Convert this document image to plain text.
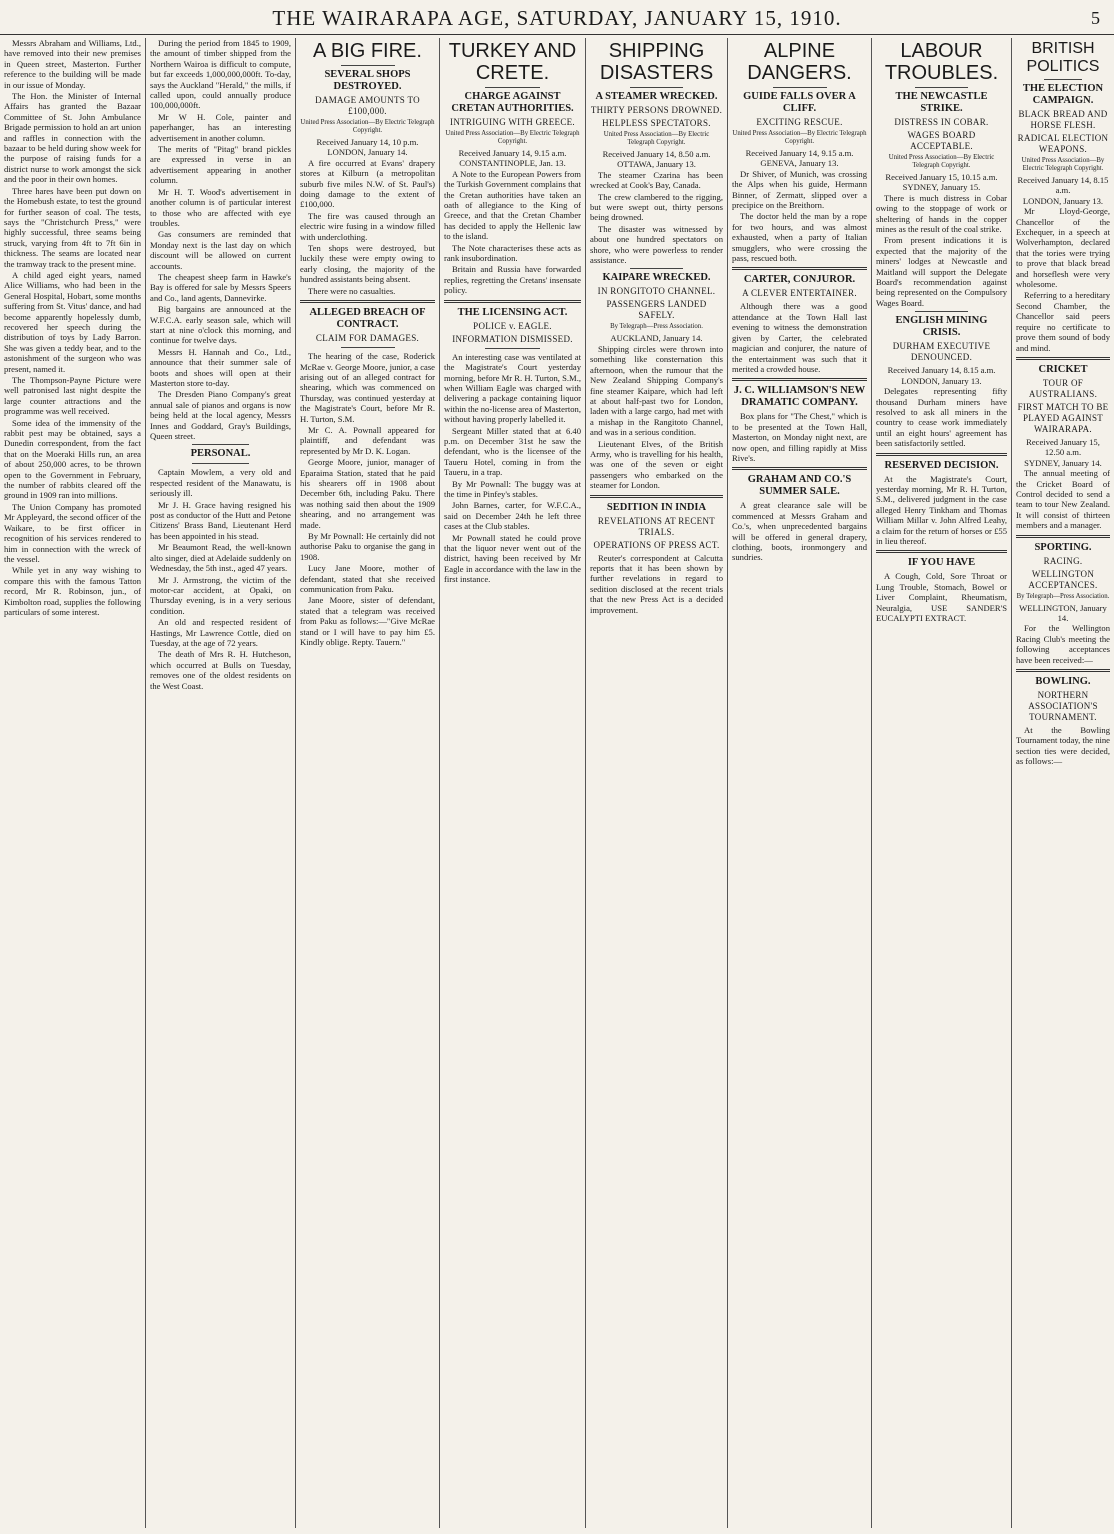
THE WAIRARAPA AGE, SATURDAY, JANUARY 15, 1910.	5

Messrs Abraham and Williams, Ltd., have removed into their new premises in Queen street, Masterton. Further reference to the building will be made in our issue of Monday.

The Hon. the Minister of Internal Affairs has granted the Bazaar Committee of St. John Ambulance Brigade permission to hold an art union and raffles in connection with the bazaar to be held during show week for the purpose of raising funds for a district nurse to work amongst the sick and the poor in their own homes.

Three hares have been put down on the Homebush estate, to test the ground for further season of coal. The tests, says the "Christchurch Press," were highly successful, three seams being struck, varying from 4ft to 7ft 6in in thickness. The seams are located near the tramway track to the present mine.

A child aged eight years, named Alice Williams, who had been in the General Hospital, Hobart, some months suffering from St. Vitus' dance, and had become apparently hopelessly dumb, recovered her speech during the distribution of toys by Lady Barron. She was given a teddy bear, and to the astonishment of the surgeon who was present, named it.

The Thompson-Payne Picture were well patronised last night despite the large counter attractions and the programme was well received.

Some idea of the immensity of the rabbit pest may be obtained, says a Dunedin correspondent, from the fact that on the Moeraki Hills run, an area of about 250,000 acres, to be thrown open to the Government in February, the number of rabbits cleared off the ground in 1909 ran into millions.

The Union Company has promoted Mr Appleyard, the second officer of the Waikare, to be first officer in recognition of his services rendered to him in connection with the wreck of the vessel.

While yet in any way wishing to compare this with the famous Tatton record, Mr R. Robinson, jun., of Kimbolton road, supplies the following particulars of some interest.

During the period from 1845 to 1909, the amount of timber shipped from the Northern Wairoa is difficult to compute, but far exceeds 1,000,000,000ft. To-day, says the Auckland "Herald," the mills, if called upon, could annually produce 100,000,000ft.

Mr W H. Cole, painter and paperhanger, has an interesting advertisement in another column.

The merits of "Pitag" brand pickles are expressed in verse in an advertisement appearing in another column.

Mr H. T. Wood's advertisement in another column is of particular interest to those who are affected with eye troubles.

Gas consumers are reminded that Monday next is the last day on which discount will be allowed on current accounts.

The cheapest sheep farm in Hawke's Bay is offered for sale by Messrs Speers and Co., land agents, Dannevirke.

Big bargains are announced at the W.F.C.A. early season sale, which will start at nine o'clock this morning, and continue for twelve days.

Messrs H. Hannah and Co., Ltd., announce that their summer sale of boots and shoes will open at their Masterton store to-day.

The Dresden Piano Company's great annual sale of pianos and organs is now being held at the local agency, Messrs Innes and Goddard, Gray's Buildings, Queen street.

PERSONAL.

Captain Mowlem, a very old and respected resident of the Manawatu, is seriously ill.

Mr J. H. Grace having resigned his post as conductor of the Hutt and Petone Citizens' Brass Band, Lieutenant Herd has been appointed in his stead.

Mr Beaumont Read, the well-known alto singer, died at Adelaide suddenly on Wednesday, the 5th inst., aged 47 years.

Mr J. Armstrong, the victim of the motor-car accident, at Opaki, on Thursday evening, is in a very serious condition.

An old and respected resident of Hastings, Mr Lawrence Cottle, died on Tuesday, at the age of 72 years.

The death of Mrs R. H. Hutcheson, which occurred at Bulls on Tuesday, removes one of the oldest residents on the West Coast.

A BIG FIRE.
SEVERAL SHOPS DESTROYED.
DAMAGE AMOUNTS TO £100,000.
United Press Association—By Electric Telegraph Copyright.
Received January 14, 10 p.m.
LONDON, January 14.

A fire occurred at Evans' drapery stores at Kilburn (a metropolitan suburb five miles N.W. of St. Paul's) doing damage to the extent of £100,000.

The fire was caused through an electric wire fusing in a window filled with underclothing.

Ten shops were destroyed, but luckily these were empty owing to early closing, the majority of the hundred assistants being absent.

There were no casualties.

ALLEGED BREACH OF CONTRACT.
CLAIM FOR DAMAGES.

The hearing of the case, Roderick McRae v. George Moore, junior, a case arising out of an alleged contract for shearing, which was commenced on Thursday, was continued yesterday at the Magistrate's Court, before Mr R. H. Turton, S.M.

Mr C. A. Pownall appeared for plaintiff, and defendant was represented by Mr D. K. Logan.

George Moore, junior, manager of Eparaima Station, stated that he paid his shearers off in 1908 about December 6th, including Paku. There was nothing said then about the 1909 shearing, and no arrangement was made.

By Mr Pownall: He certainly did not authorise Paku to organise the gang in 1908.

Lucy Jane Moore, mother of defendant, stated that she received communication from Paku.

Jane Moore, sister of defendant, stated that a telegram was received from Paku as follows:—"Give McRae stand or I will have to pay him £5. Kindly oblige. Repty. Tauern."

TURKEY AND CRETE.
CHARGE AGAINST CRETAN AUTHORITIES.
INTRIGUING WITH GREECE.
United Press Association—By Electric Telegraph Copyright.
Received January 14, 9.15 a.m.
CONSTANTINOPLE, Jan. 13.

A Note to the European Powers from the Turkish Government complains that the Cretan authorities have taken an oath of allegiance to the King of Greece, and that the Cretan Chamber has decided to apply the Hellenic law to the island.

The Note characterises these acts as rank insubordination.

Britain and Russia have forwarded replies, regretting the Cretans' insensate policy.

THE LICENSING ACT.
POLICE v. EAGLE.
INFORMATION DISMISSED.

An interesting case was ventilated at the Magistrate's Court yesterday morning, before Mr R. H. Turton, S.M., when William Eagle was charged with delivering a package containing liquor within the no-license area of Masterton, without having properly labelled it.

Sergeant Miller stated that at 6.40 p.m. on December 31st he saw the defendant, who is the licensee of the Taueru Hotel, coming in from the Taueru, in a trap.

By Mr Pownall: The buggy was at the time in Pinfey's stables.

John Barnes, carter, for W.F.C.A., said on December 24th he left three cases at the Club stables.

Mr Pownall stated he could prove that the liquor never went out of the district, having been received by Mr Eagle in accordance with the law in the first instance.

SHIPPING DISASTERS
A STEAMER WRECKED.
THIRTY PERSONS DROWNED.
HELPLESS SPECTATORS.
United Press Association—By Electric Telegraph Copyright.
Received January 14, 8.50 a.m.
OTTAWA, January 13.

The steamer Czarina has been wrecked at Cook's Bay, Canada.

The crew clambered to the rigging, but were swept out, thirty persons being drowned.

The disaster was witnessed by about one hundred spectators on shore, who were powerless to render assistance.

KAIPARE WRECKED.
IN RONGITOTO CHANNEL.
PASSENGERS LANDED SAFELY.
By Telegraph—Press Association.
AUCKLAND, January 14.

Shipping circles were thrown into something like consternation this afternoon, when the rumour that the New Zealand Shipping Company's fine steamer Kaipare, which had left at about half-past two for London, laden with a large cargo, had met with a mishap in the Rangitoto Channel, and was in a serious condition.

Lieutenant Elves, of the British Army, who is travelling for his health, was one of the seven or eight passengers who embarked on the steamer for London.

SEDITION IN INDIA
REVELATIONS AT RECENT TRIALS.
OPERATIONS OF PRESS ACT.

Reuter's correspondent at Calcutta reports that it has been shown by further revelations in regard to sedition disclosed at the recent trials that the new Press Act is a decided improvement.

ALPINE DANGERS.
GUIDE FALLS OVER A CLIFF.
EXCITING RESCUE.
United Press Association—By Electric Telegraph Copyright.
Received January 14, 9.15 a.m.
GENEVA, January 13.

Dr Shiver, of Munich, was crossing the Alps when his guide, Hermann Binner, of Zermatt, slipped over a precipice on the Breithorn.

The doctor held the man by a rope for two hours, and was almost exhausted, when a party of Italian smugglers, who were crossing the pass, rescued both.

CARTER, CONJUROR.
A CLEVER ENTERTAINER.

Although there was a good attendance at the Town Hall last evening to witness the demonstration given by Carter, the celebrated magician and conjurer, the nature of the entertainment was such that it merited a crowded house.

J. C. WILLIAMSON'S NEW DRAMATIC COMPANY.

Box plans for "The Chest," which is to be presented at the Town Hall, Masterton, on Monday night next, are now open, and filling rapidly at Miss Rive's.

GRAHAM AND CO.'S SUMMER SALE.

A great clearance sale will be commenced at Messrs Graham and Co.'s, when unprecedented bargains will be offered in general drapery, clothing, boots, ironmongery and sundries.

LABOUR TROUBLES.
THE NEWCASTLE STRIKE.
DISTRESS IN COBAR.
WAGES BOARD ACCEPTABLE.
United Press Association—By Electric Telegraph Copyright.
Received January 15, 10.15 a.m.
SYDNEY, January 15.

There is much distress in Cobar owing to the stoppage of work or sheltering of hands in the copper mines as the result of the coal strike.

From present indications it is expected that the majority of the miners' lodges at Newcastle and Maitland will support the Delegate Board's recommendation against being represented on the Compulsory Wages Board.

ENGLISH MINING CRISIS.
DURHAM EXECUTIVE DENOUNCED.
Received January 14, 8.15 a.m.
LONDON, January 13.

Delegates representing fifty thousand Durham miners have resolved to ask all miners in the country to cease work immediately until an eight hours' agreement has been satisfactorily settled.

RESERVED DECISION.

At the Magistrate's Court, yesterday morning, Mr R. H. Turton, S.M., delivered judgment in the case alleged Henry Tinkham and Thomas William Millar v. John Alfred Leahy, a claim for the return of horses or £55 in lieu thereof.

IF YOU HAVE

A Cough, Cold, Sore Throat or Lung Trouble, Stomach, Bowel or Liver Complaint, Rheumatism, Neuralgia, USE SANDER'S EUCALYPTI EXTRACT.

BRITISH POLITICS
THE ELECTION CAMPAIGN.
BLACK BREAD AND HORSE FLESH.
RADICAL ELECTION WEAPONS.
United Press Association—By Electric Telegraph Copyright.
Received January 14, 8.15 a.m.
LONDON, January 13.

Mr Lloyd-George, Chancellor of the Exchequer, in a speech at Wolverhampton, declared that the tories were trying to prove that black bread and horseflesh were very wholesome.

Referring to a hereditary Second Chamber, the Chancellor said peers require no certificate to prove them sound of body and mind.

CRICKET
TOUR OF AUSTRALIANS.
FIRST MATCH TO BE PLAYED AGAINST WAIRARAPA.
Received January 15, 12.50 a.m.
SYDNEY, January 14.

The annual meeting of the Cricket Board of Control decided to send a team to tour New Zealand. It will consist of thirteen members and a manager.

SPORTING.
RACING.
WELLINGTON ACCEPTANCES.
By Telegraph—Press Association.
WELLINGTON, January 14.

For the Wellington Racing Club's meeting the following acceptances have been received:—

BOWLING.
NORTHERN ASSOCIATION'S TOURNAMENT.

At the Bowling Tournament today, the nine section ties were decided, as follows:—
